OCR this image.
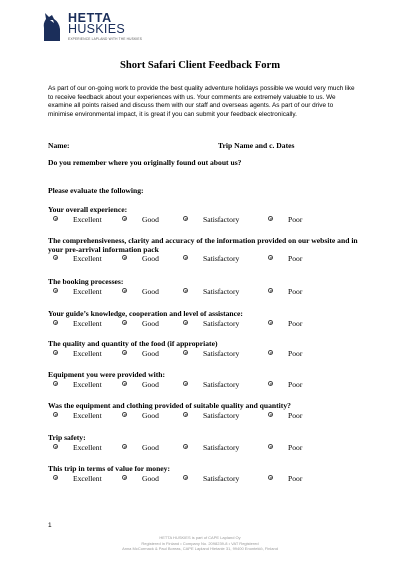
HETTA
HUSKIES
EXPERIENCE LAPLAND WITH THE HUSKIES
Short Safari Client Feedback Form

As part of our on-going work to provide the best quality adventure holidays possible we would very much like to receive feedback about your experiences with us. Your comments are extremely valuable to us. We examine all points raised and discuss them with our staff and overseas agents. As part of our drive to minimise environmental impact, it is great if you can submit your feedback electronically.

Name:	Trip Name and c. Dates
Do you remember where you originally found out about us?
Please evaluate the following:
Your overall experience:
Excellent	Good	Satisfactory	Poor
The comprehensiveness, clarity and accuracy of the information provided on our website and in your pre-arrival information pack
Excellent	Good	Satisfactory	Poor
The booking processes:
Excellent	Good	Satisfactory	Poor
Your guide’s knowledge, cooperation and level of assistance:
Excellent	Good	Satisfactory	Poor
The quality and quantity of the food (if appropriate)
Excellent	Good	Satisfactory	Poor
Equipment you were provided with:
Excellent	Good	Satisfactory	Poor
Was the equipment and clothing provided of suitable quality and quantity?
Excellent	Good	Satisfactory	Poor
Trip safety:
Excellent	Good	Satisfactory	Poor
This trip in terms of value for money:
Excellent	Good	Satisfactory	Poor
1
HETTA HUSKIES is part of CAPE Lapland Oy
Registered in Finland • Company No. 2098239-8 • VAT Registered
Anna McCormack & Paul Boreas, CAPE Lapland Hietanie 31, 99400 Enontekiö, Finland
